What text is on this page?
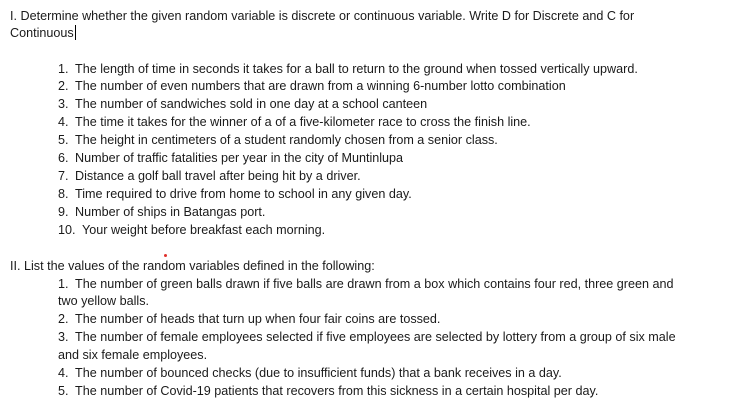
I. Determine whether the given random variable is discrete or continuous variable. Write D for Discrete and C for
Continuous
1. The length of time in seconds it takes for a ball to return to the ground when tossed vertically upward.
2. The number of even numbers that are drawn from a winning 6-number lotto combination
3. The number of sandwiches sold in one day at a school canteen
4. The time it takes for the winner of a of a five-kilometer race to cross the finish line.
5. The height in centimeters of a student randomly chosen from a senior class.
6. Number of traffic fatalities per year in the city of Muntinlupa
7. Distance a golf ball travel after being hit by a driver.
8. Time required to drive from home to school in any given day.
9. Number of ships in Batangas port.
10. Your weight before breakfast each morning.
II. List the values of the random variables defined in the following:
1. The number of green balls drawn if five balls are drawn from a box which contains four red, three green and
two yellow balls.
2. The number of heads that turn up when four fair coins are tossed.
3. The number of female employees selected if five employees are selected by lottery from a group of six male
and six female employees.
4. The number of bounced checks (due to insufficient funds) that a bank receives in a day.
5. The number of Covid-19 patients that recovers from this sickness in a certain hospital per day.
